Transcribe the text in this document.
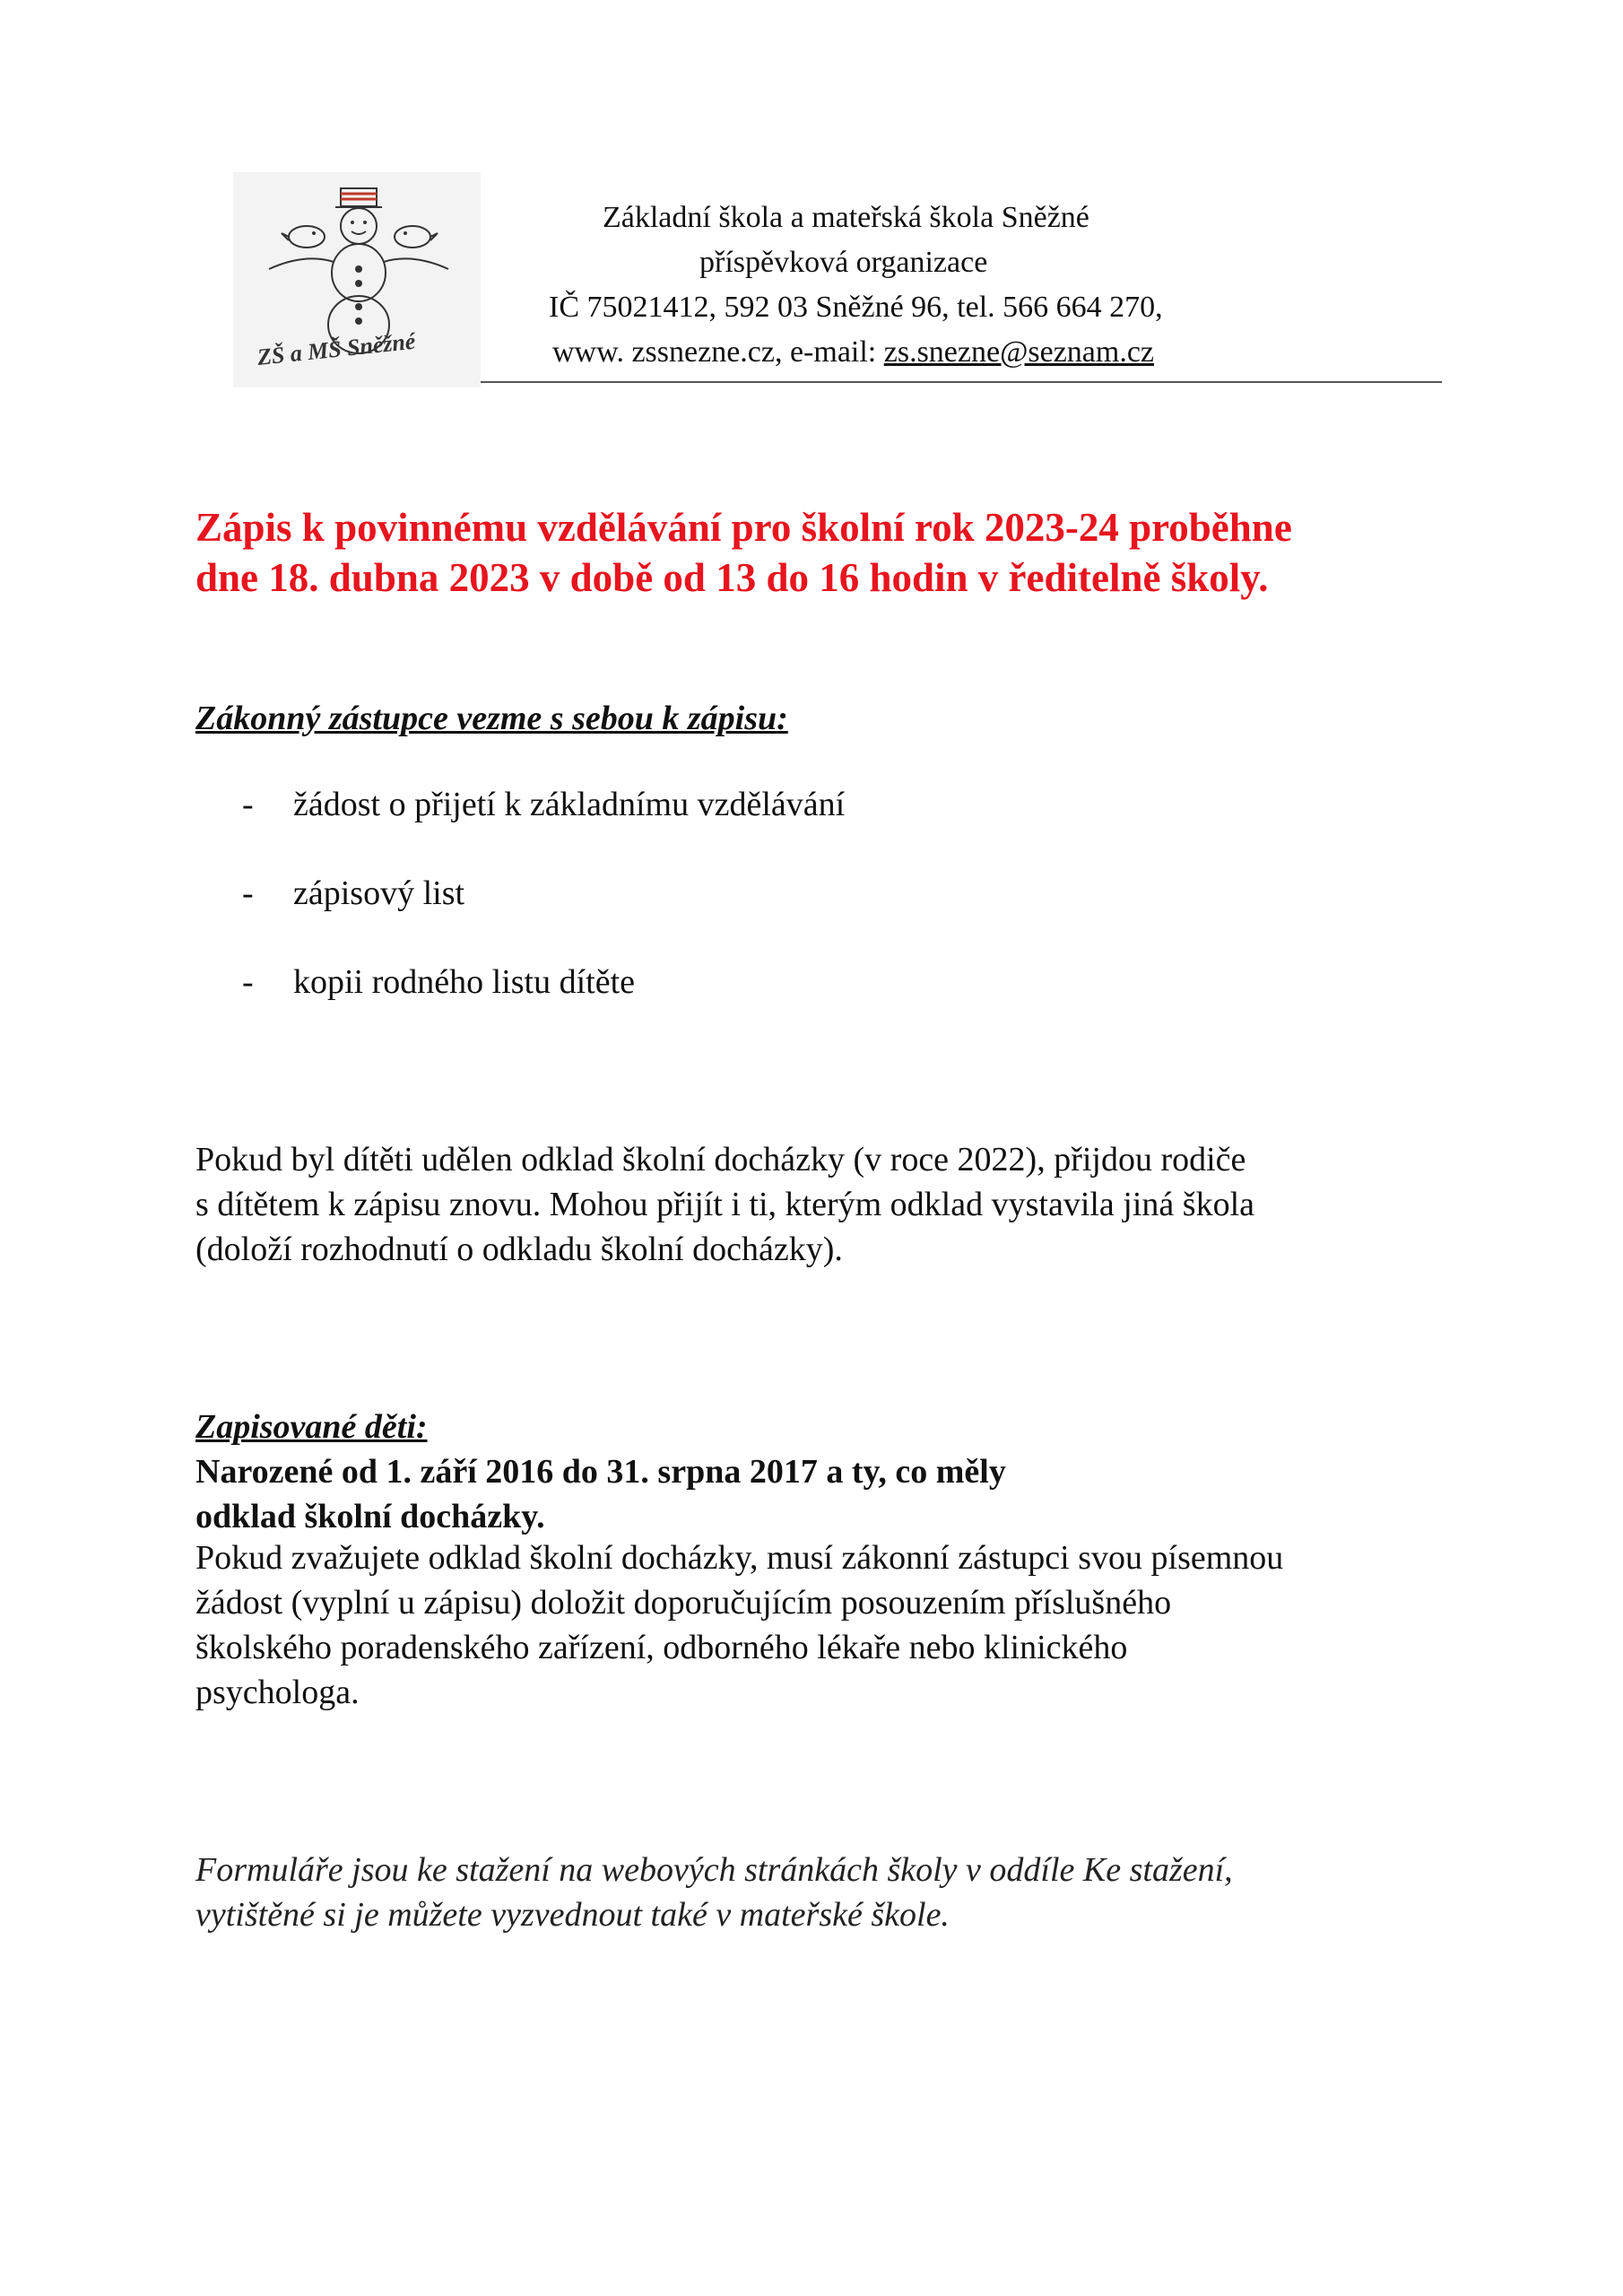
ZŠ a MŠ Sněžné
Základní škola a mateřská škola Sněžné
příspěvková organizace
IČ 75021412, 592 03 Sněžné 96, tel. 566 664 270,
www. zssnezne.cz, e-mail: zs.snezne@seznam.cz
Zápis k povinnému vzdělávání pro školní rok 2023-24 proběhne
dne 18. dubna 2023 v době od 13 do 16 hodin v ředitelně školy.
Zákonný zástupce vezme s sebou k zápisu:
- žádost o přijetí k základnímu vzdělávání
- zápisový list
- kopii rodného listu dítěte
Pokud byl dítěti udělen odklad školní docházky (v roce 2022), přijdou rodiče
s dítětem k zápisu znovu. Mohou přijít i ti, kterým odklad vystavila jiná škola
(doloží rozhodnutí o odkladu školní docházky).
Zapisované děti:
Narozené od 1. září 2016 do 31. srpna 2017 a ty, co měly
odklad školní docházky.
Pokud zvažujete odklad školní docházky, musí zákonní zástupci svou písemnou
žádost (vyplní u zápisu) doložit doporučujícím posouzením příslušného
školského poradenského zařízení, odborného lékaře nebo klinického
psychologa.
Formuláře jsou ke stažení na webových stránkách školy v oddíle Ke stažení,
vytištěné si je můžete vyzvednout také v mateřské škole.
